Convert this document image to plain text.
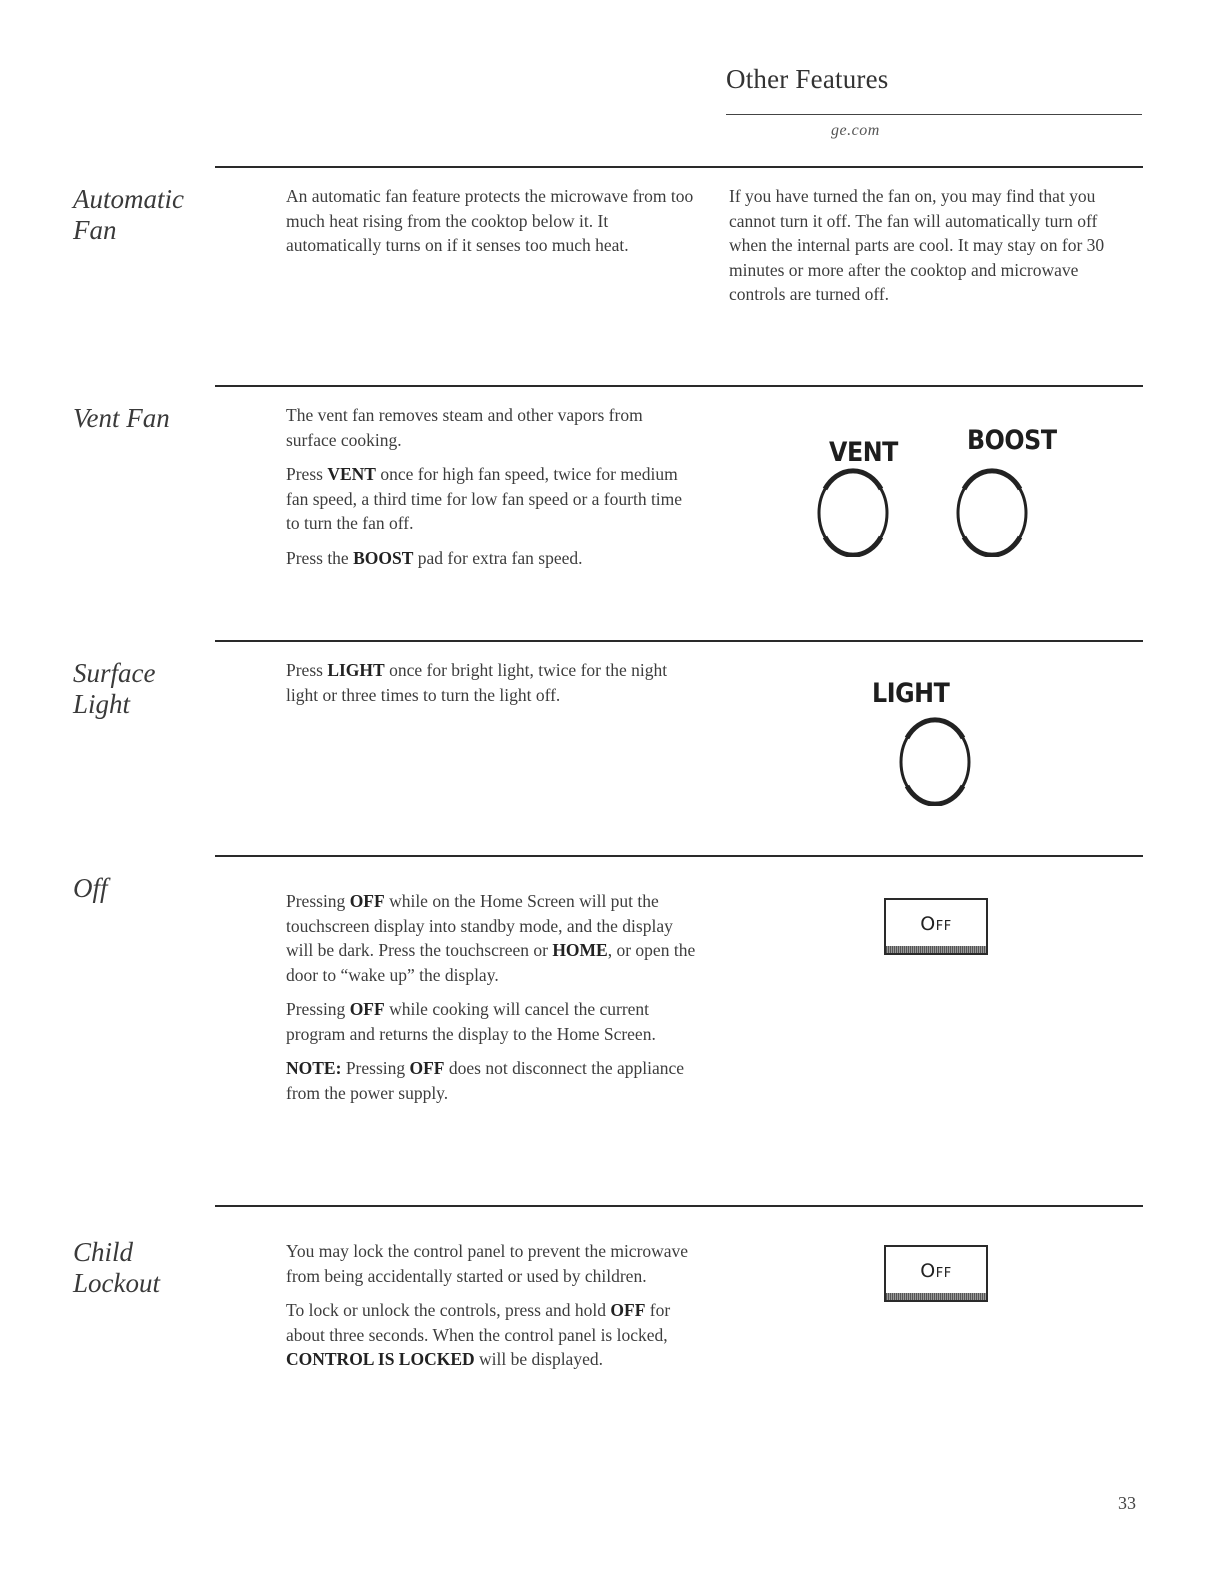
Other Features
ge.com
Automatic Fan

An automatic fan feature protects the microwave from too much heat rising from the cooktop below it. It automatically turns on if it senses too much heat.

If you have turned the fan on, you may find that you cannot turn it off. The fan will automatically turn off when the internal parts are cool. It may stay on for 30 minutes or more after the cooktop and microwave controls are turned off.

Vent Fan	The vent fan removes steam and other vapors from surface cooking.

Press VENT once for high fan speed, twice for medium fan speed, a third time for low fan speed or a fourth time to turn the fan off.

Press the BOOST pad for extra fan speed.

VENT	BOOST
Surface Light

Press LIGHT once for bright light, twice for the night light or three times to turn the light off.	LIGHT
Off	Pressing OFF while on the Home Screen will put the touchscreen display into standby mode, and the display will be dark. Press the touchscreen or HOME, or open the door to “wake up” the display.

Pressing OFF while cooking will cancel the current program and returns the display to the Home Screen.

NOTE: Pressing OFF does not disconnect the appliance from the power supply.

Off
Child Lockout

You may lock the control panel to prevent the microwave from being accidentally started or used by children.

To lock or unlock the controls, press and hold OFF for about three seconds. When the control panel is locked, CONTROL IS LOCKED will be displayed.

Off
33
